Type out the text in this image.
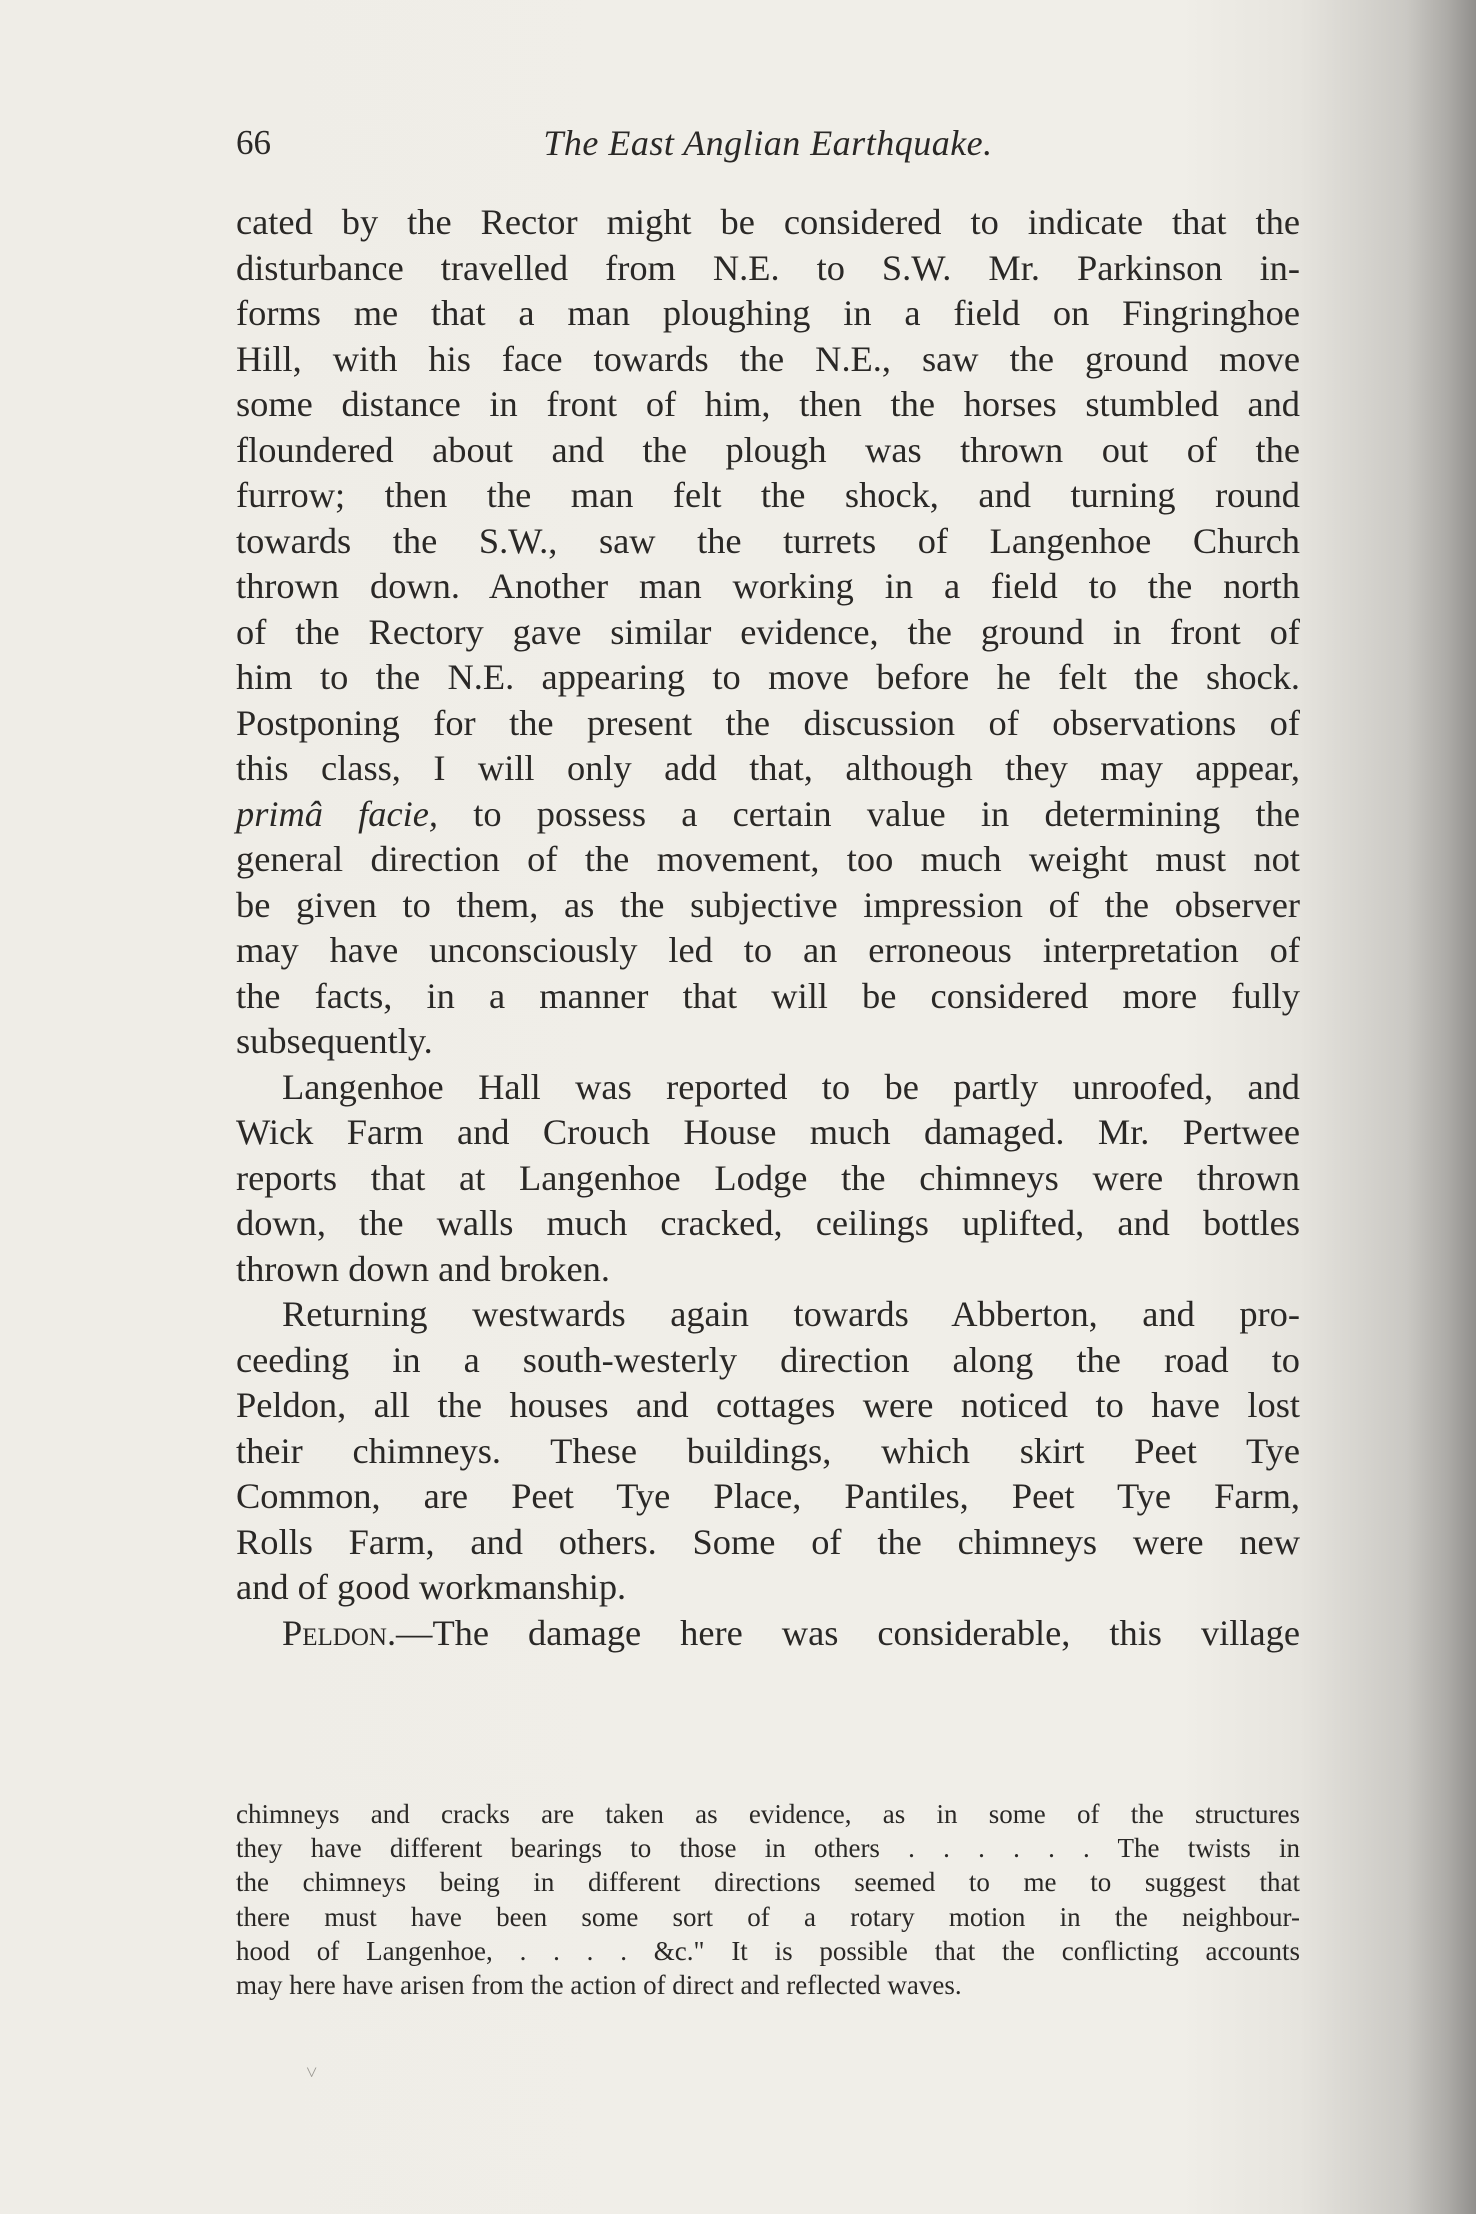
66	The East Anglian Earthquake.
cated by the Rector might be considered to indicate that the
disturbance travelled from N.E. to S.W. Mr. Parkinson in-
forms me that a man ploughing in a field on Fingringhoe
Hill, with his face towards the N.E., saw the ground move
some distance in front of him, then the horses stumbled and
floundered about and the plough was thrown out of the
furrow; then the man felt the shock, and turning round
towards the S.W., saw the turrets of Langenhoe Church
thrown down. Another man working in a field to the north
of the Rectory gave similar evidence, the ground in front of
him to the N.E. appearing to move before he felt the shock.
Postponing for the present the discussion of observations of
this class, I will only add that, although they may appear,
primâ facie, to possess a certain value in determining the
general direction of the movement, too much weight must not
be given to them, as the subjective impression of the observer
may have unconsciously led to an erroneous interpretation of
the facts, in a manner that will be considered more fully
subsequently.
Langenhoe Hall was reported to be partly unroofed, and
Wick Farm and Crouch House much damaged. Mr. Pertwee
reports that at Langenhoe Lodge the chimneys were thrown
down, the walls much cracked, ceilings uplifted, and bottles
thrown down and broken.
Returning westwards again towards Abberton, and pro-
ceeding in a south-westerly direction along the road to
Peldon, all the houses and cottages were noticed to have lost
their chimneys. These buildings, which skirt Peet Tye
Common, are Peet Tye Place, Pantiles, Peet Tye Farm,
Rolls Farm, and others. Some of the chimneys were new
and of good workmanship.
Peldon.—The damage here was considerable, this village
chimneys and cracks are taken as evidence, as in some of the structures
they have different bearings to those in others . . . . . . The twists in
the chimneys being in different directions seemed to me to suggest that
there must have been some sort of a rotary motion in the neighbour-
hood of Langenhoe, . . . . &c." It is possible that the conflicting accounts
may here have arisen from the action of direct and reflected waves.
˅
